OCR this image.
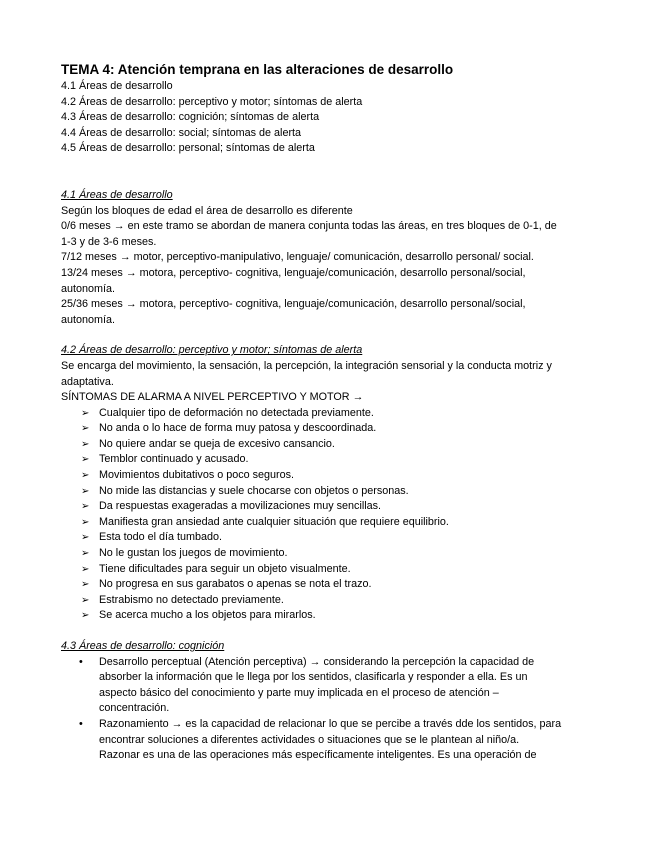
TEMA 4: Atención temprana en las alteraciones de desarrollo

4.1 Áreas de desarrollo

4.2 Áreas de desarrollo: perceptivo y motor; síntomas de alerta

4.3 Áreas de desarrollo: cognición; síntomas de alerta

4.4 Áreas de desarrollo: social; síntomas de alerta

4.5 Áreas de desarrollo: personal; síntomas de alerta

4.1 Áreas de desarrollo

Según los bloques de edad el área de desarrollo es diferente

0/6 meses → en este tramo se abordan de manera conjunta todas las áreas, en tres bloques de 0-1, de

1-3 y de 3-6 meses.

7/12 meses → motor, perceptivo-manipulativo, lenguaje/ comunicación, desarrollo personal/ social.

13/24 meses → motora, perceptivo- cognitiva, lenguaje/comunicación, desarrollo personal/social,

autonomía.

25/36 meses → motora, perceptivo- cognitiva, lenguaje/comunicación, desarrollo personal/social,

autonomía.

4.2 Áreas de desarrollo: perceptivo y motor; síntomas de alerta

Se encarga del movimiento, la sensación, la percepción, la integración sensorial y la conducta motriz y

adaptativa.

SÍNTOMAS DE ALARMA A NIVEL PERCEPTIVO Y MOTOR →

➢ Cualquier tipo de deformación no detectada previamente.
➢ No anda o lo hace de forma muy patosa y descoordinada.
➢ No quiere andar se queja de excesivo cansancio.
➢ Temblor continuado y acusado.
➢ Movimientos dubitativos o poco seguros.
➢ No mide las distancias y suele chocarse con objetos o personas.
➢ Da respuestas exageradas a movilizaciones muy sencillas.
➢ Manifiesta gran ansiedad ante cualquier situación que requiere equilibrio.
➢ Esta todo el día tumbado.
➢ No le gustan los juegos de movimiento.
➢ Tiene dificultades para seguir un objeto visualmente.
➢ No progresa en sus garabatos o apenas se nota el trazo.
➢ Estrabismo no detectado previamente.
➢ Se acerca mucho a los objetos para mirarlos.

4.3 Áreas de desarrollo: cognición

• Desarrollo perceptual (Atención perceptiva) → considerando la percepción la capacidad de
absorber la información que le llega por los sentidos, clasificarla y responder a ella. Es un
aspecto básico del conocimiento y parte muy implicada en el proceso de atención –
concentración.
• Razonamiento → es la capacidad de relacionar lo que se percibe a través dde los sentidos, para
encontrar soluciones a diferentes actividades o situaciones que se le plantean al niño/a.
Razonar es una de las operaciones más específicamente inteligentes. Es una operación de
